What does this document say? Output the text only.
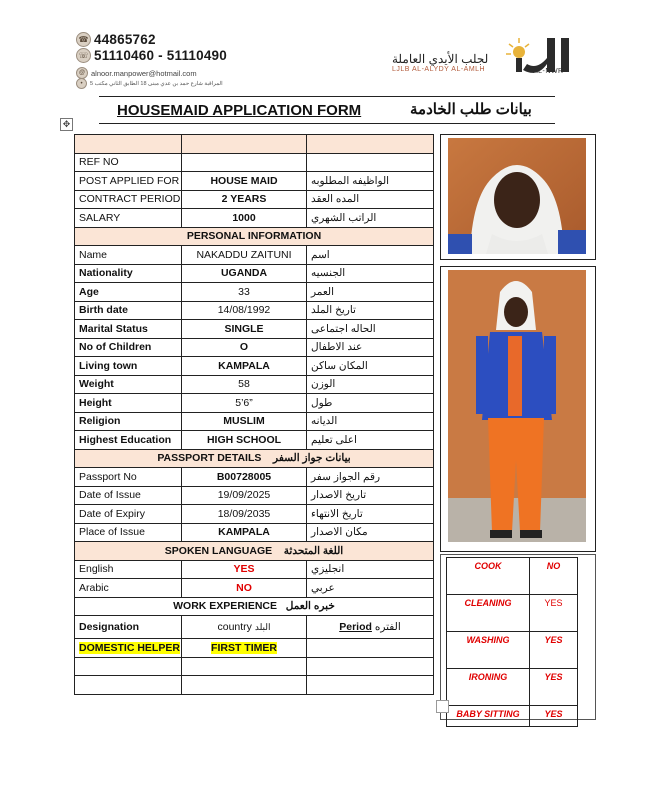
☎ 44865762
☏ 51110460 - 51110490
@ alnoor.manpower@hotmail.com
•	المراقبة شارع حمد بن عدي مبنى 18 الطابق الثاني مكتب 5
لجلب الأيدي العاملة
LJLB AL-ALYDY AL-AMLH	AL-NWR
✥
HOUSEMAID APPLICATION FORM	بيانات طلب الخادمة

REF NO		
POST APPLIED FOR	HOUSE MAID	الواظيفه المطلوبه
CONTRACT PERIOD	2 YEARS	المده العقد
SALARY	1000	الراتب الشهري
PERSONAL INFORMATION		
Name	NAKADDU ZAITUNI	اسم
Nationality	UGANDA	الجنسيه
Age	33	العمر
Birth date	14/08/1992	تاريخ الملد
Marital Status	SINGLE	الحاله اجتماعى
No of Children	O	عند الاطفال
Living town	KAMPALA	المكان ساكن
Weight	58	الوزن
Height	5’6”	طول
Religion	MUSLIM	الديانه
Highest Education	HIGH SCHOOL	اعلى تعليم
PASSPORT DETAILS بيانات جواز السفر		
Passport No	B00728005	رقم الجواز سفر
Date of Issue	19/09/2025	تاريخ الاصدار
Date of Expiry	18/09/2035	تاريخ الانتهاء
Place of Issue	KAMPALA	مكان الاصدار
SPOKEN LANGUAGE اللغة المتحدثة		
English	YES	انجليزي
Arabic	NO	عربي
WORK EXPERIENCE خبره العمل		
Designation	country البلد	Period الفتره
DOMESTIC HELPER	FIRST TIMER	

COOK	NO
CLEANING	YES
WASHING	YES
IRONING	YES
BABY SITTING	YES
